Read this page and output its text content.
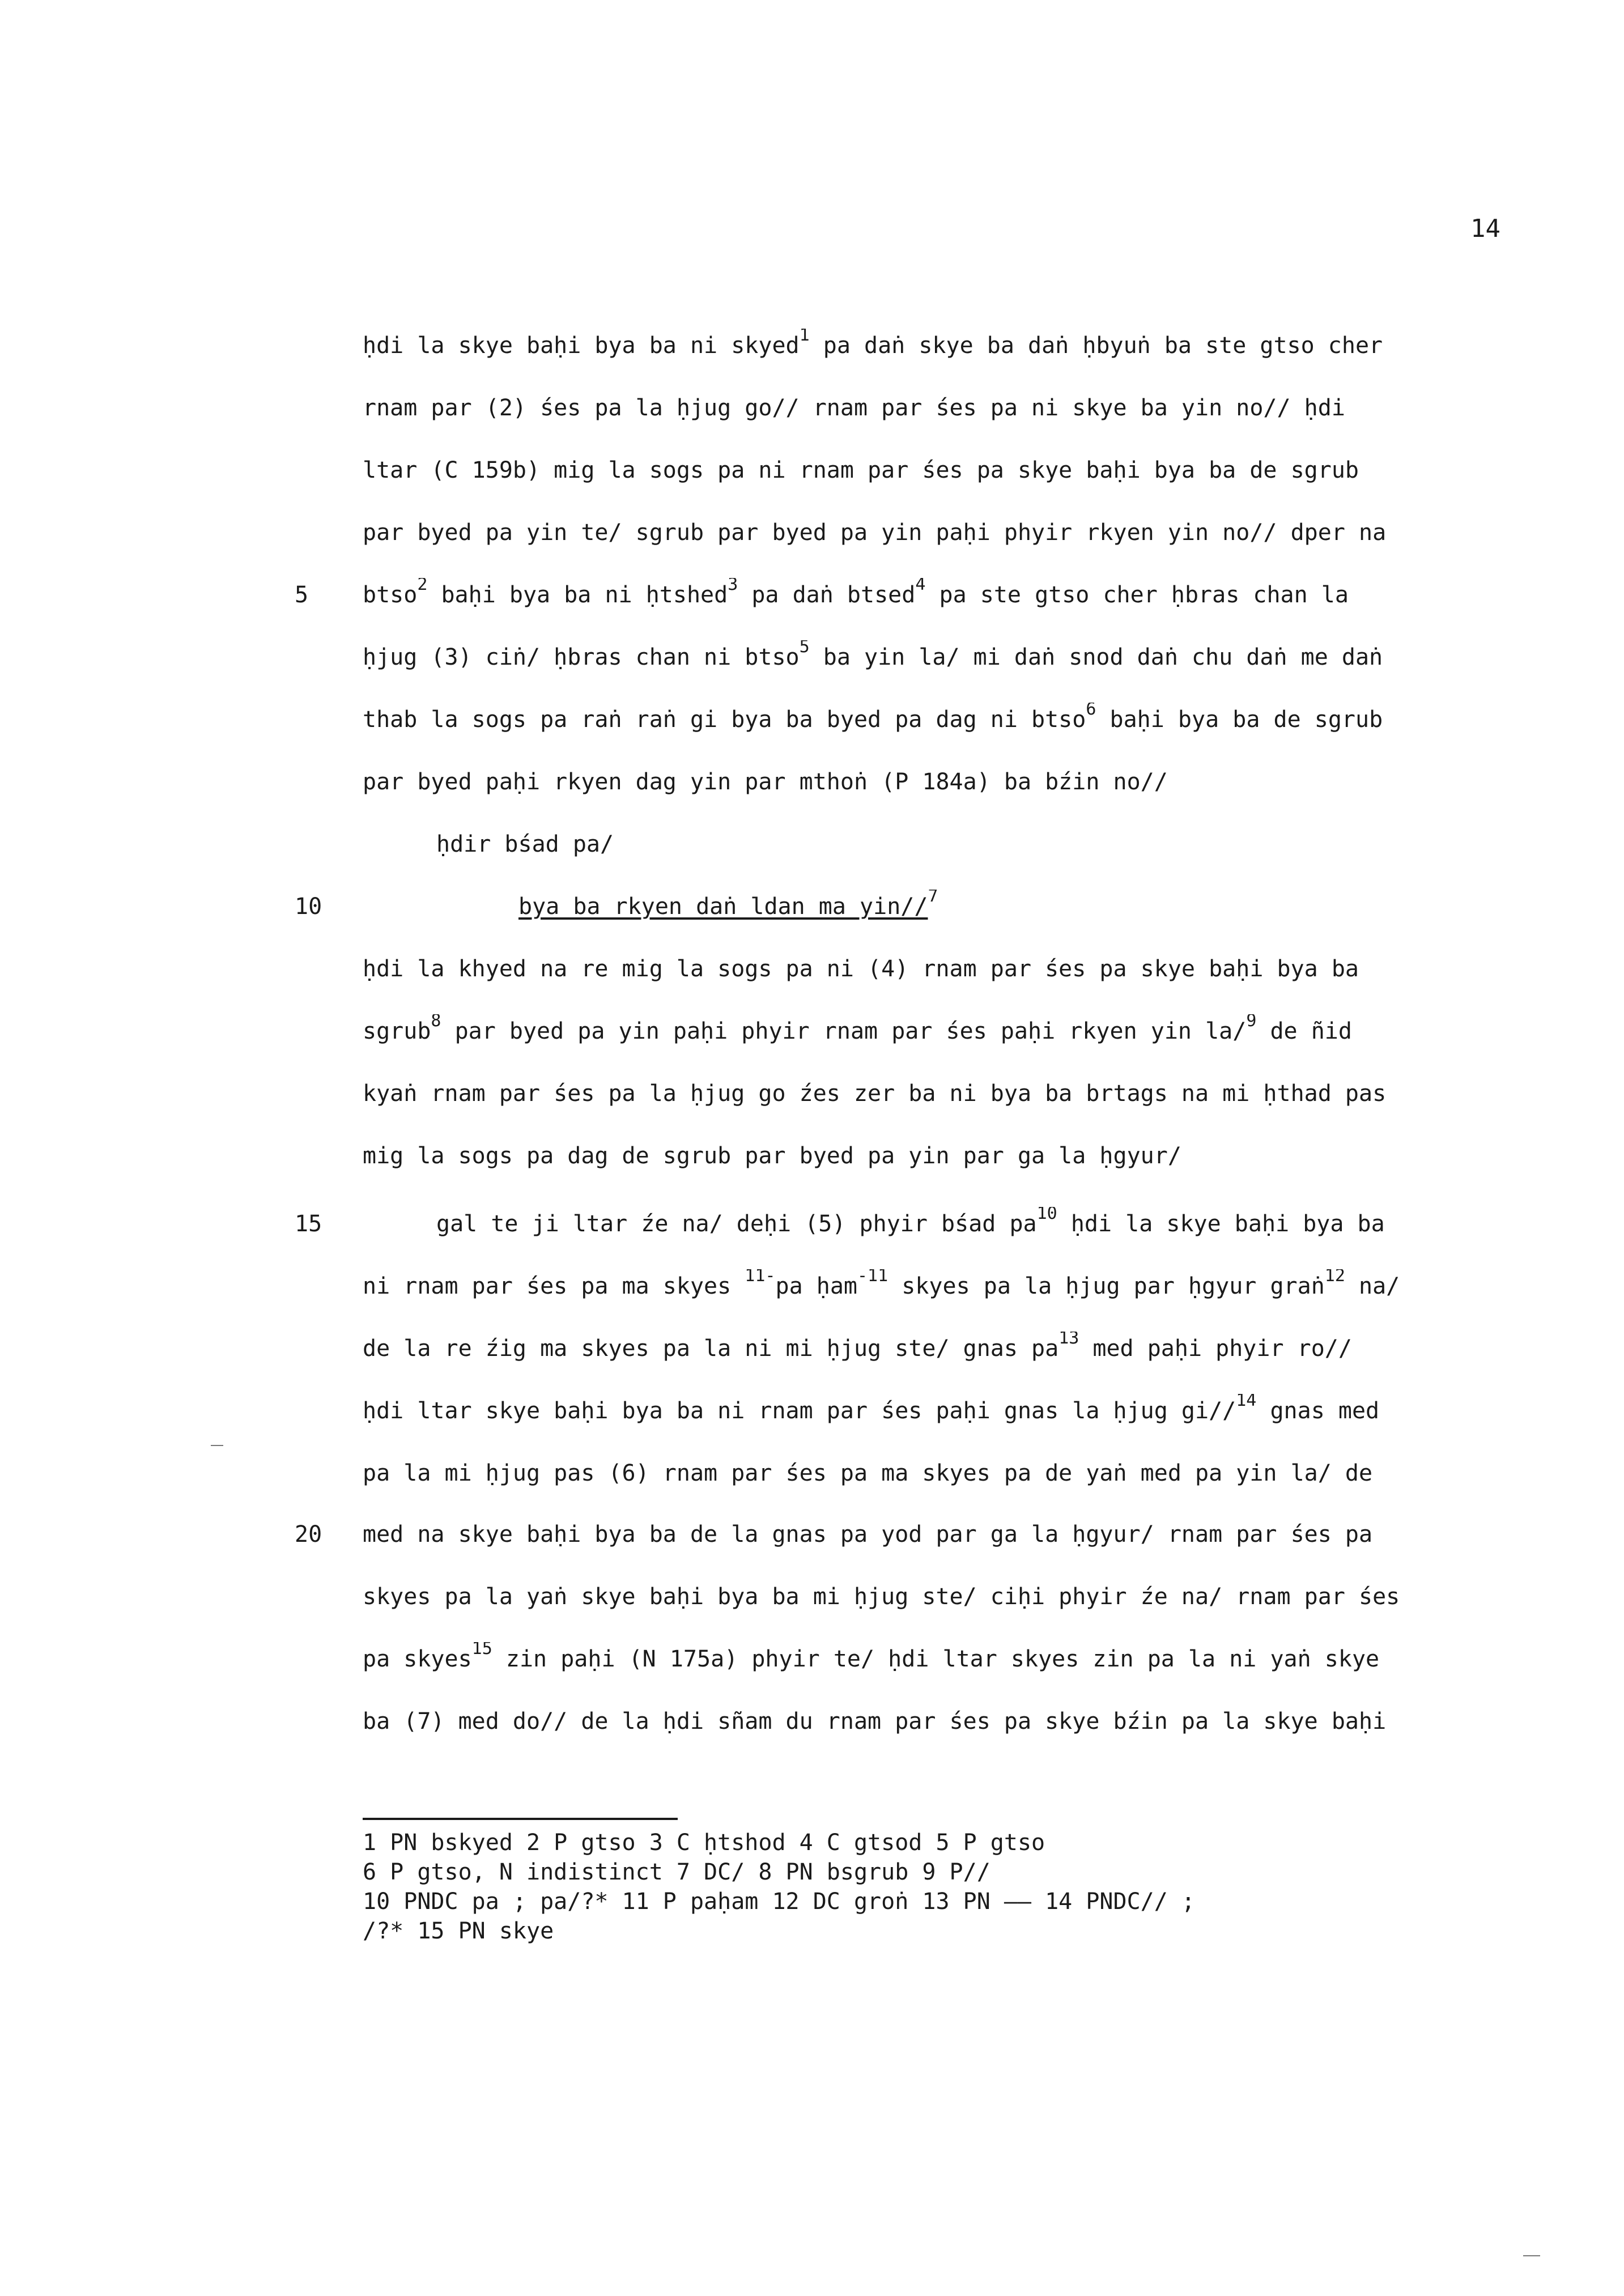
14
ḥdi la skye baḥi bya ba ni skyed$^1$ pa daṅ skye ba daṅ ḥbyuṅ ba ste gtso cher
rnam par (2) śes pa la ḥjug go// rnam par śes pa ni skye ba yin no// ḥdi
ltar (C 159b) mig la sogs pa ni rnam par śes pa skye baḥi bya ba de sgrub
par byed pa yin te/ sgrub par byed pa yin paḥi phyir rkyen yin no// dper na
btso$^2$ baḥi bya ba ni ḥtshed$^3$ pa daṅ btsed$^4$ pa ste gtso cher ḥbras chan la
ḥjug (3) ciṅ/ ḥbras chan ni btso$^5$ ba yin la/ mi daṅ snod daṅ chu daṅ me daṅ
thab la sogs pa raṅ raṅ gi bya ba byed pa dag ni btso$^6$ baḥi bya ba de sgrub
par byed paḥi rkyen dag yin par mthoṅ (P 184a) ba bźin no//
ḥdir bśad pa/
bya ba rkyen daṅ ldan ma yin//$^7$
ḥdi la khyed na re mig la sogs pa ni (4) rnam par śes pa skye baḥi bya ba
sgrub$^8$ par byed pa yin paḥi phyir rnam par śes paḥi rkyen yin la/$^9$ de ñid
kyaṅ rnam par śes pa la ḥjug go źes zer ba ni bya ba brtags na mi ḥthad pas
mig la sogs pa dag de sgrub par byed pa yin par ga la ḥgyur/
gal te ji ltar źe na/ deḥi (5) phyir bśad $pa^{10}$ ḥdi la skye baḥi bya ba
ni rnam par śes pa ma skyes $^{11-}$pa ḥam$^{-11}$ skyes pa la ḥjug par ḥgyur graṅ$^{12}$ na/
de la re źig ma skyes pa la ni mi ḥjug ste/ gnas $pa^{13}$ med paḥi phyir ro//
ḥdi ltar skye baḥi bya ba ni rnam par śes paḥi gnas la ḥjug gi//$^{14}$ gnas med
pa la mi ḥjug pas (6) rnam par śes pa ma skyes pa de yaṅ med pa yin la/ de
med na skye baḥi bya ba de la gnas pa yod par ga la ḥgyur/ rnam par śes pa
skyes pa la yaṅ skye baḥi bya ba mi ḥjug ste/ ciḥi phyir źe na/ rnam par śes
pa skyes$^{15}$ zin paḥi (N 175a) phyir te/ ḥdi ltar skyes zin pa la ni yaṅ skye
ba (7) med do// de la ḥdi sñam du rnam par śes pa skye bźin pa la skye baḥi
5
10
15
20
1 PN bskyed 2 P gtso 3 C ḥtshod 4 C gtsod 5 P gtso
6 P gtso, N indistinct 7 DC/ 8 PN bsgrub 9 P//
10 PNDC pa ; pa/?* 11 P paḥam 12 DC groṅ 13 PN —— 14 PNDC// ;
/?* 15 PN skye
